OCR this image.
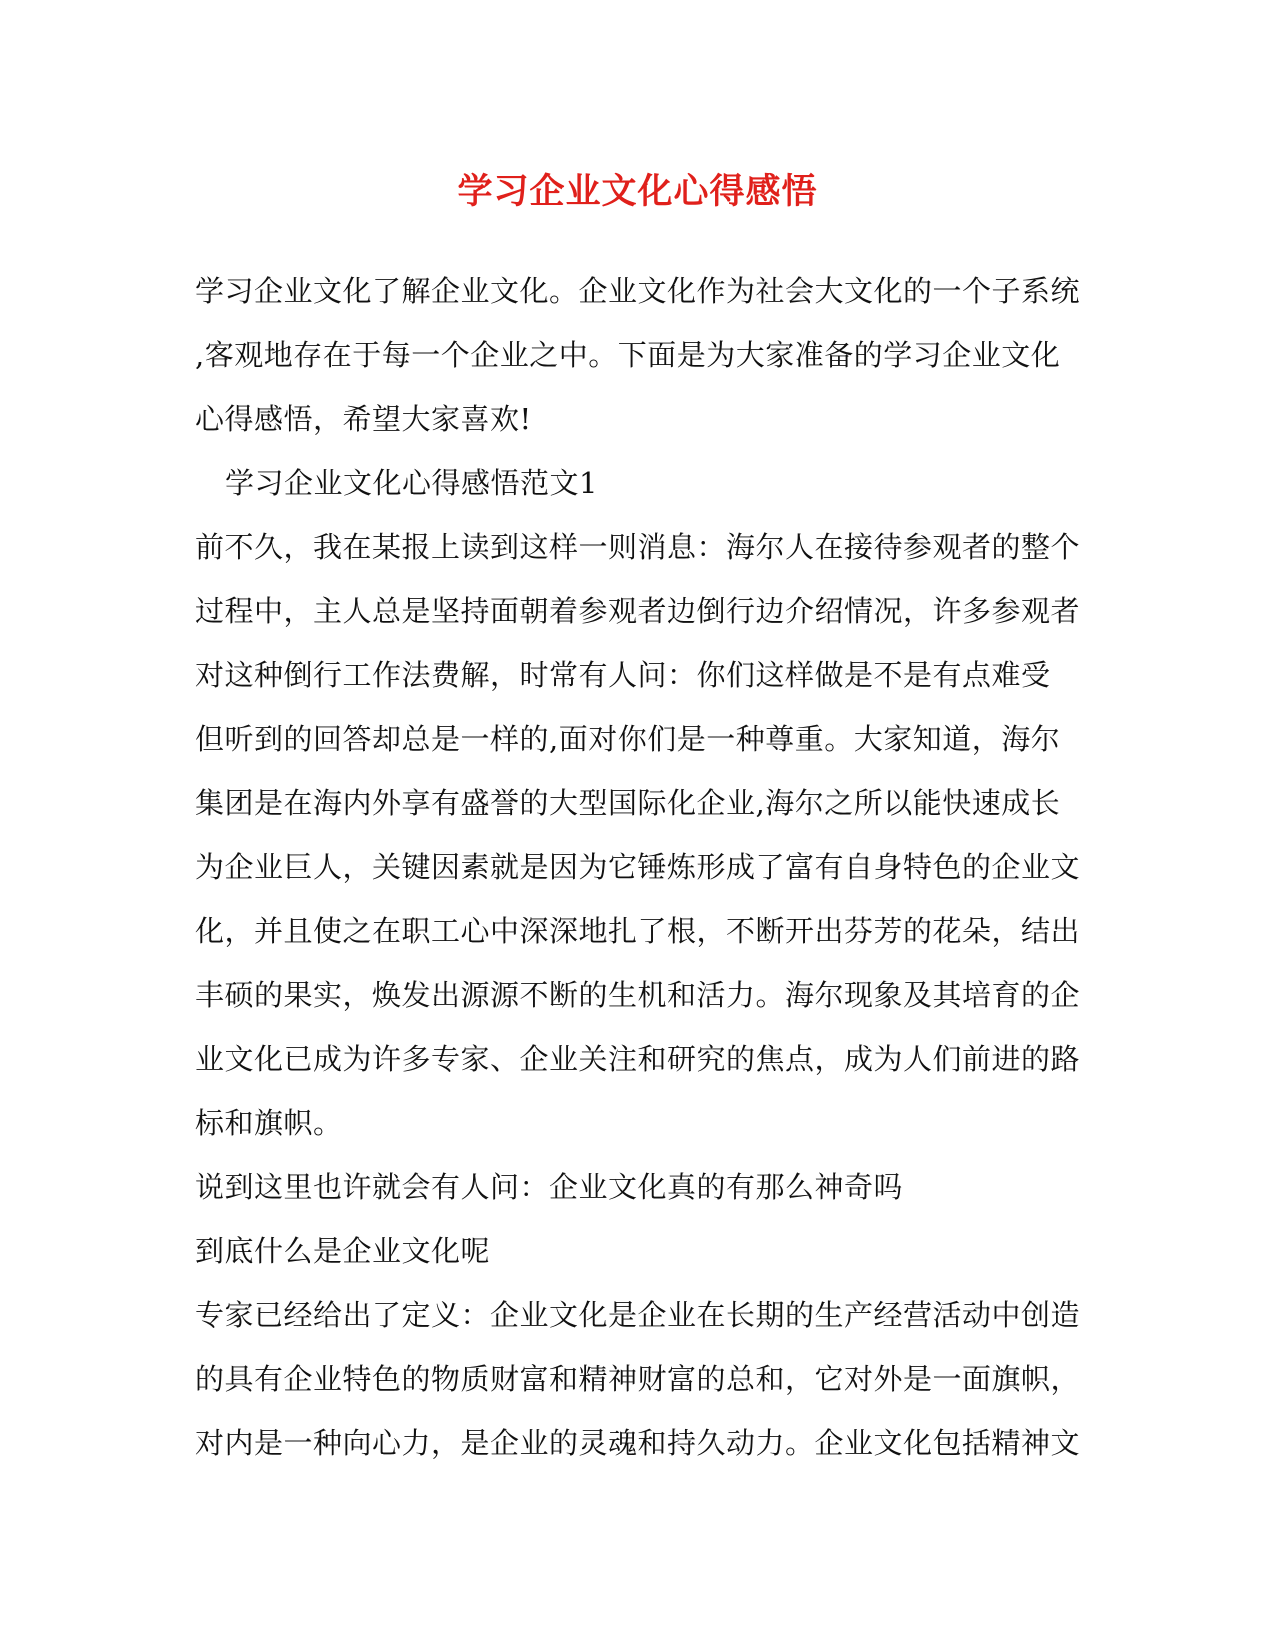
学习企业文化心得感悟
学习企业文化了解企业文化。企业文化作为社会大文化的一个子系统
,客观地存在于每一个企业之中。下面是为大家准备的学习企业文化
心得感悟，希望大家喜欢!
学习企业文化心得感悟范文1
前不久，我在某报上读到这样一则消息：海尔人在接待参观者的整个
过程中，主人总是坚持面朝着参观者边倒行边介绍情况，许多参观者
对这种倒行工作法费解，时常有人问：你们这样做是不是有点难受
但听到的回答却总是一样的,面对你们是一种尊重。大家知道，海尔
集团是在海内外享有盛誉的大型国际化企业,海尔之所以能快速成长
为企业巨人，关键因素就是因为它锤炼形成了富有自身特色的企业文
化，并且使之在职工心中深深地扎了根，不断开出芬芳的花朵，结出
丰硕的果实，焕发出源源不断的生机和活力。海尔现象及其培育的企
业文化已成为许多专家、企业关注和研究的焦点，成为人们前进的路
标和旗帜。
说到这里也许就会有人问：企业文化真的有那么神奇吗
到底什么是企业文化呢
专家已经给出了定义：企业文化是企业在长期的生产经营活动中创造
的具有企业特色的物质财富和精神财富的总和，它对外是一面旗帜，
对内是一种向心力，是企业的灵魂和持久动力。企业文化包括精神文
